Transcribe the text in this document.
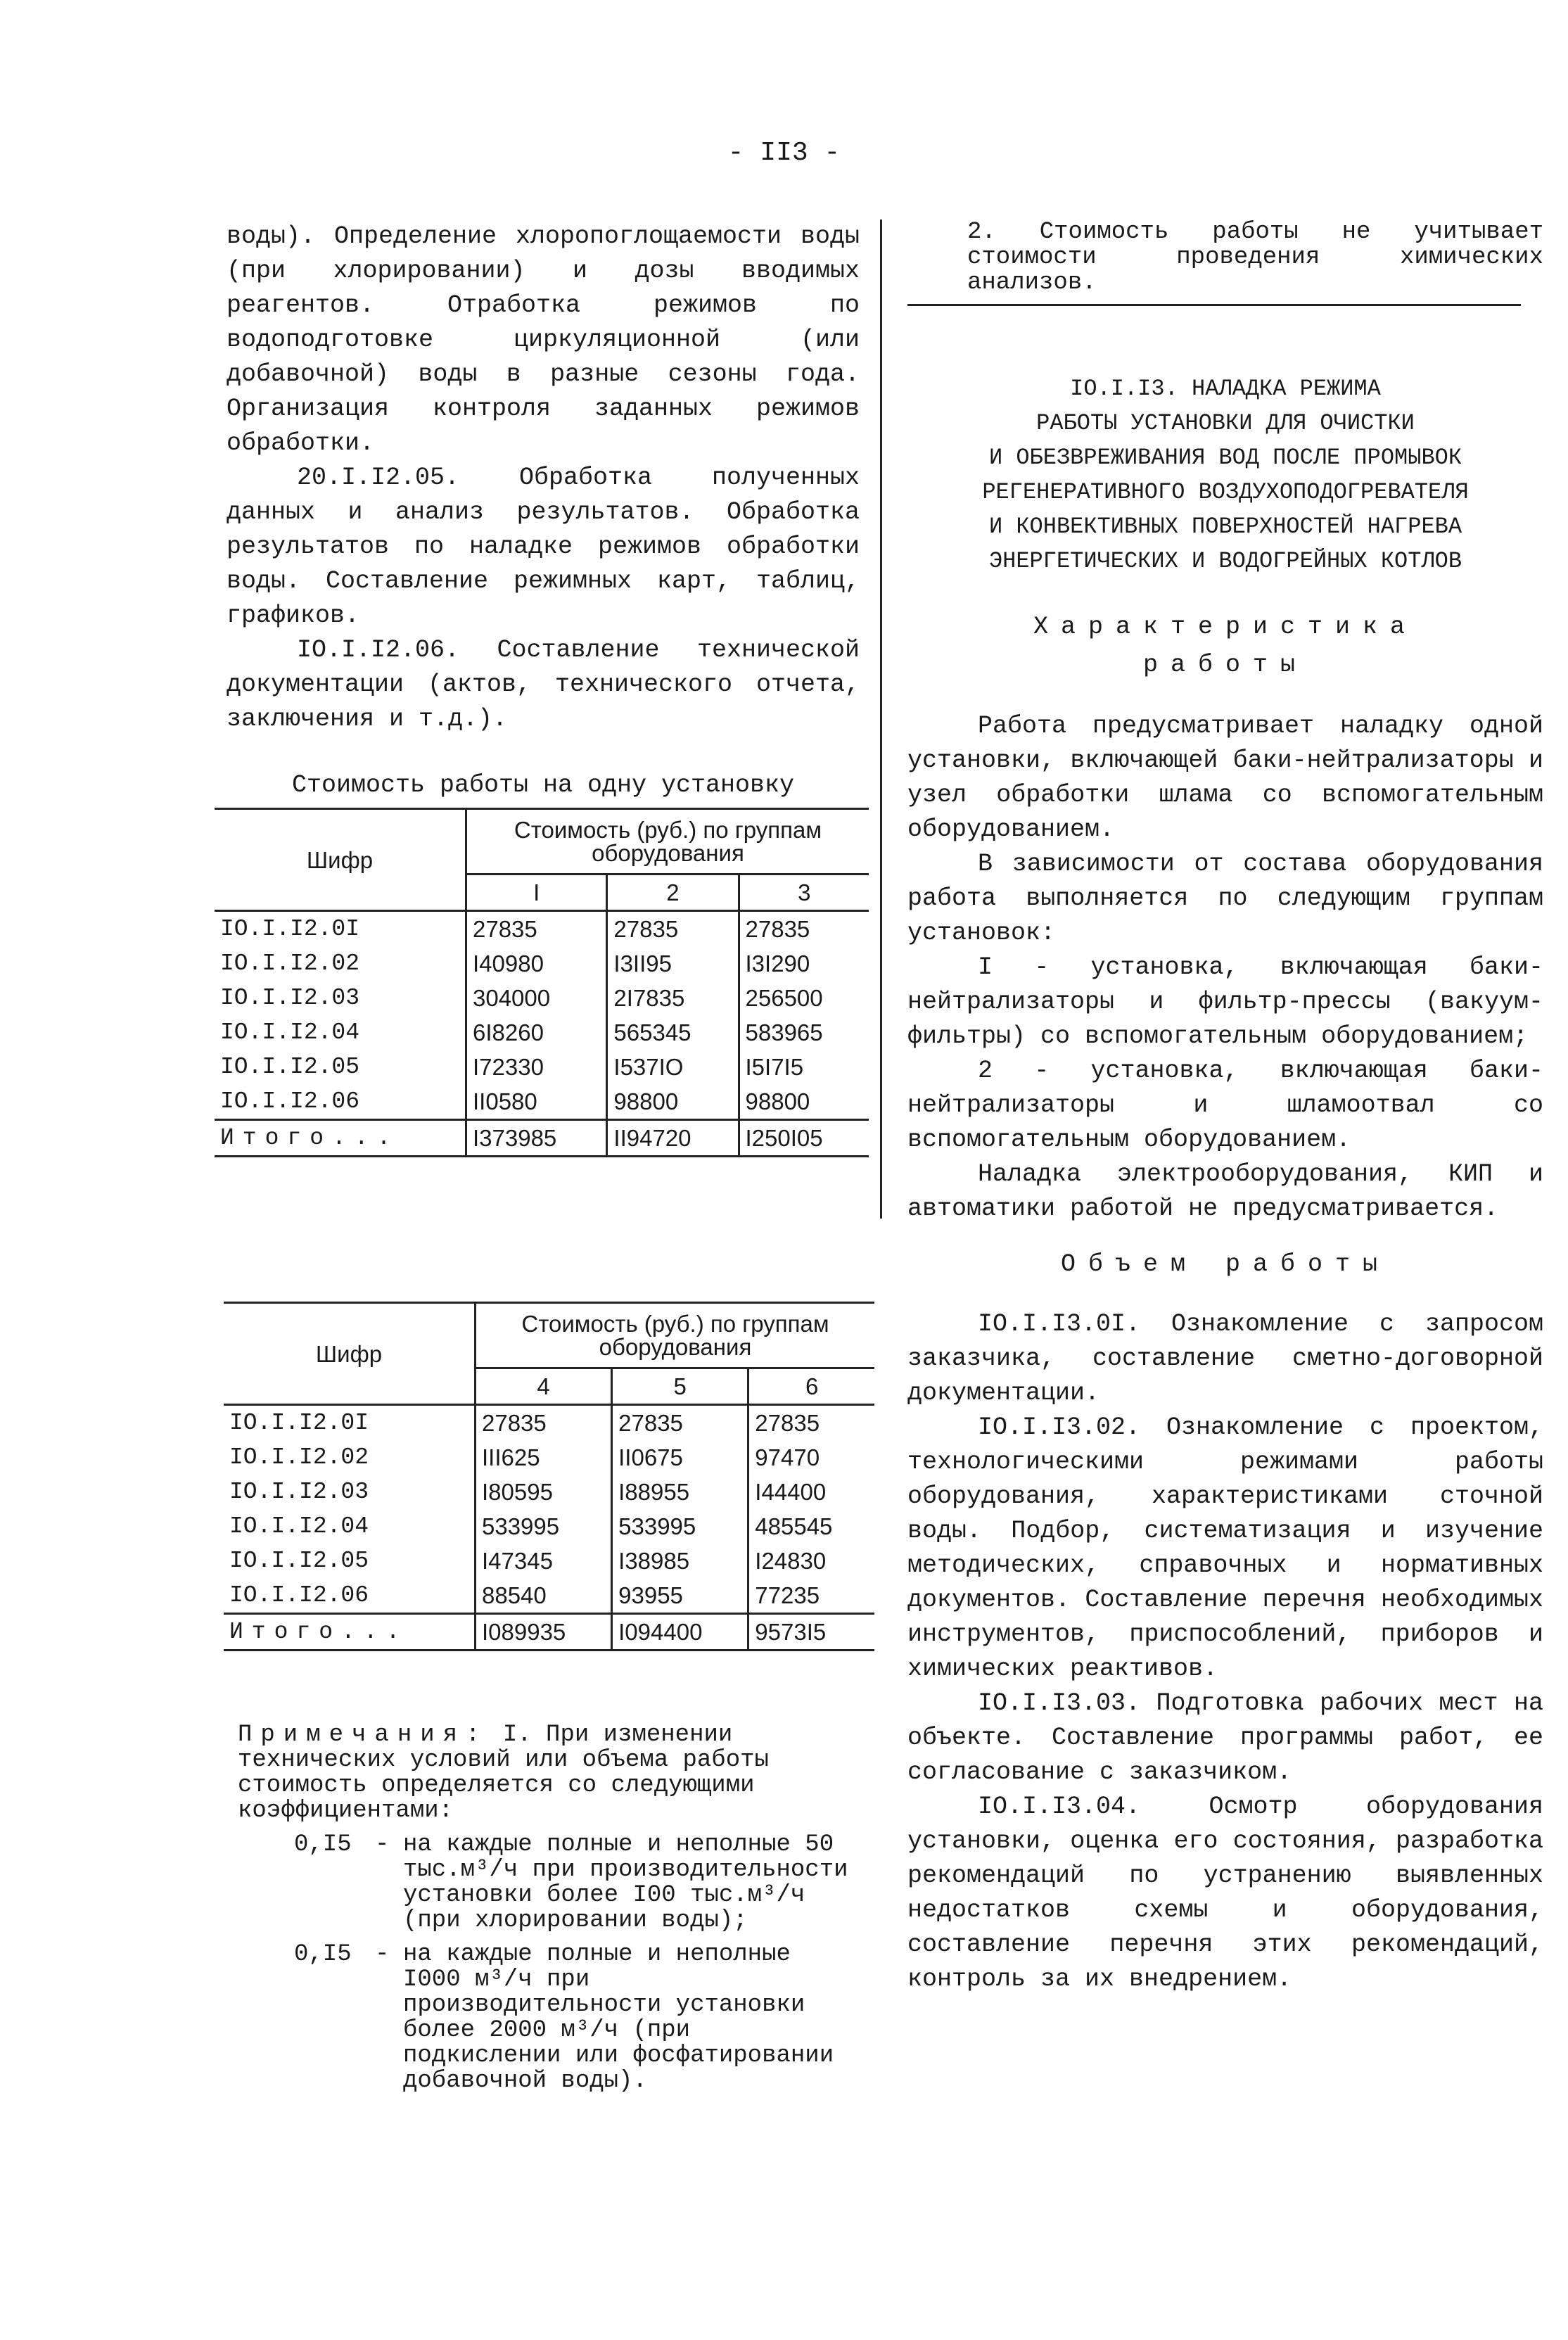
- II3 -

воды). Определение хлоропоглощаемости воды (при хлорировании) и дозы вводимых реагентов. Отработка режимов по водоподготовке циркуляционной (или добавочной) воды в разные сезоны года. Организация контроля заданных режимов обработки.

20.I.I2.05. Обработка полученных данных и анализ результатов. Обработка результатов по наладке режимов обработки воды. Составление режимных карт, таблиц, графиков.

IO.I.I2.06. Составление технической документации (актов, технического отчета, заключения и т.д.).

Стоимость работы на одну установку

Шифр	Стоимость (руб.) по группам оборудования		
	I	2	3
IO.I.I2.0I	27835	27835	27835
IO.I.I2.02	I40980	I3II95	I3I290
IO.I.I2.03	304000	2I7835	256500
IO.I.I2.04	6I8260	565345	583965
IO.I.I2.05	I72330	I537IO	I5I7I5
IO.I.I2.06	II0580	98800	98800
Итого...	I373985	II94720	I250I05
Шифр	Стоимость (руб.) по группам оборудования		
	4	5	6
IO.I.I2.0I	27835	27835	27835
IO.I.I2.02	III625	II0675	97470
IO.I.I2.03	I80595	I88955	I44400
IO.I.I2.04	533995	533995	485545
IO.I.I2.05	I47345	I38985	I24830
IO.I.I2.06	88540	93955	77235
Итого...	I089935	I094400	9573I5

Примечания: I. При изменении технических условий или объема работы стоимость определяется со следующими коэффициентами:

0,I5 - на каждые полные и неполные 50 тыс.м³/ч при производительности установки более I00 тыс.м³/ч (при хлорировании воды);
0,I5 - на каждые полные и неполные I000 м³/ч при производительности установки более 2000 м³/ч (при подкислении или фосфатировании добавочной воды).

2. Стоимость работы не учитывает стоимости проведения химических анализов.

IO.I.I3. НАЛАДКА РЕЖИМА
РАБОТЫ УСТАНОВКИ ДЛЯ ОЧИСТКИ
И ОБЕЗВРЕЖИВАНИЯ ВОД ПОСЛЕ ПРОМЫВОК
РЕГЕНЕРАТИВНОГО ВОЗДУХОПОДОГРЕВАТЕЛЯ
И КОНВЕКТИВНЫХ ПОВЕРХНОСТЕЙ НАГРЕВА
ЭНЕРГЕТИЧЕСКИХ И ВОДОГРЕЙНЫХ КОТЛОВ
Характеристика
работы

Работа предусматривает наладку одной установки, включающей баки-нейтрализаторы и узел обработки шлама со вспомогательным оборудованием.

В зависимости от состава оборудования работа выполняется по следующим группам установок:

I - установка, включающая баки-нейтрализаторы и фильтр-прессы (вакуум-фильтры) со вспомогательным оборудованием;

2 - установка, включающая баки-нейтрализаторы и шламоотвал со вспомогательным оборудованием.

Наладка электрооборудования, КИП и автоматики работой не предусматривается.

Объем работы

IO.I.I3.0I. Ознакомление с запросом заказчика, составление сметно-договорной документации.

IO.I.I3.02. Ознакомление с проектом, технологическими режимами работы оборудования, характеристиками сточной воды. Подбор, систематизация и изучение методических, справочных и нормативных документов. Составление перечня необходимых инструментов, приспособлений, приборов и химических реактивов.

IO.I.I3.03. Подготовка рабочих мест на объекте. Составление программы работ, ее согласование с заказчиком.

IO.I.I3.04. Осмотр оборудования установки, оценка его состояния, разработка рекомендаций по устранению выявленных недостатков схемы и оборудования, составление перечня этих рекомендаций, контроль за их внедрением.
